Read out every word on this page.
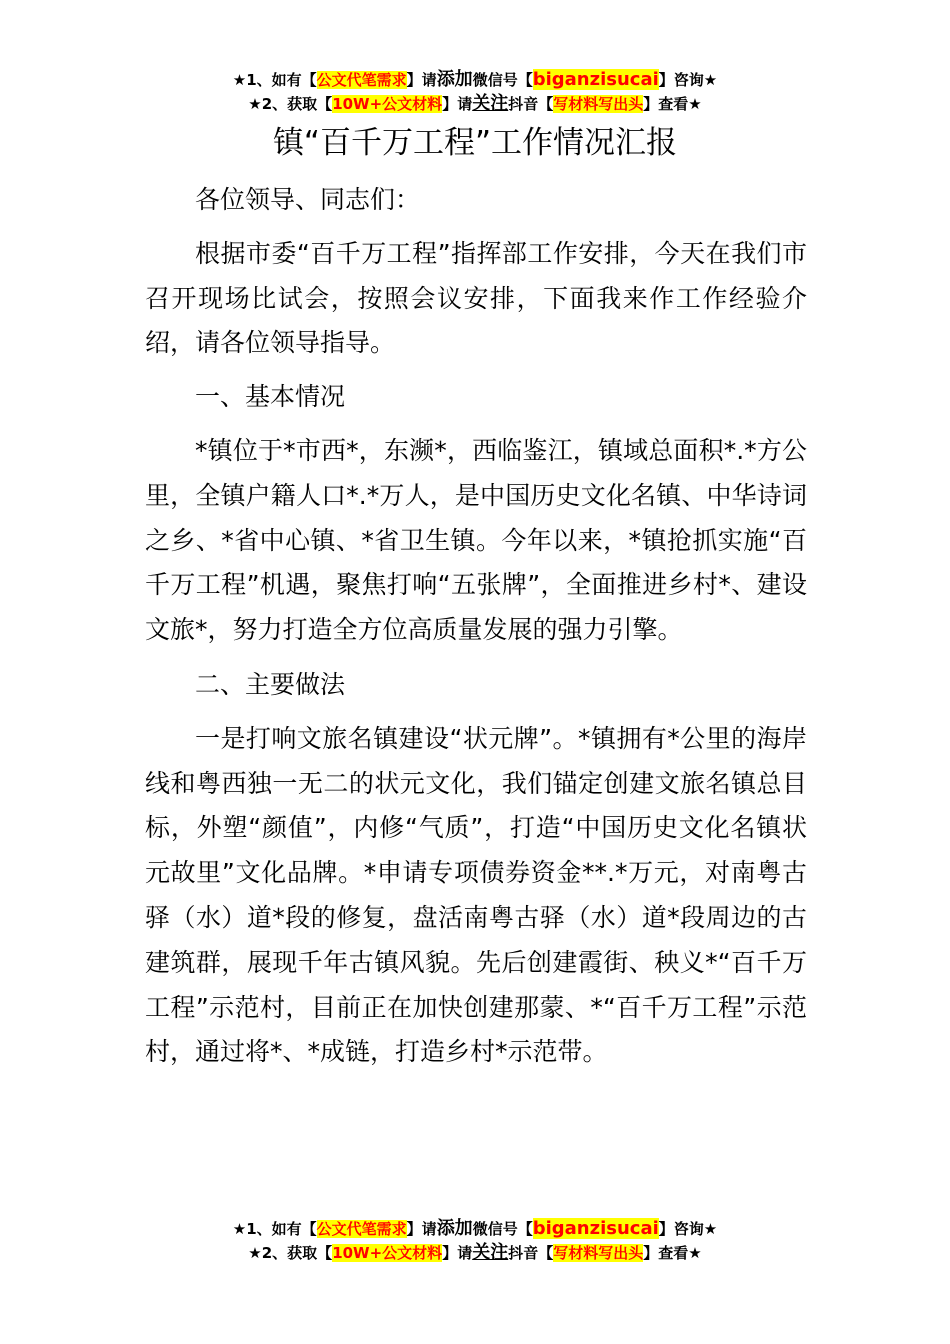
★1、如有【公文代笔需求】请添加微信号【biganzisucai】咨询★
★2、获取【10W+公文材料】请关注抖音【写材料写出头】查看★
镇“百千万工程”工作情况汇报

各位领导、同志们：

根据市委“百千万工程”指挥部工作安排，今天在我们市召开现场比试会，按照会议安排，下面我来作工作经验介绍，请各位领导指导。

一、基本情况

*镇位于*市西*，东濒*，西临鉴江，镇域总面积*.*方公里，全镇户籍人口*.*万人，是中国历史文化名镇、中华诗词之乡、*省中心镇、*省卫生镇。今年以来，*镇抢抓实施“百千万工程”机遇，聚焦打响“五张牌”，全面推进乡村*、建设文旅*，努力打造全方位高质量发展的强力引擎。

二、主要做法

一是打响文旅名镇建设“状元牌”。*镇拥有*公里的海岸线和粤西独一无二的状元文化，我们锚定创建文旅名镇总目标，外塑“颜值”，内修“气质”，打造“中国历史文化名镇状元故里”文化品牌。*申请专项债券资金**.*万元，对南粤古驿（水）道*段的修复，盘活南粤古驿（水）道*段周边的古建筑群，展现千年古镇风貌。先后创建霞街、秧义*“百千万工程”示范村，目前正在加快创建那蒙、*“百千万工程”示范村，通过将*、*成链，打造乡村*示范带。

★1、如有【公文代笔需求】请添加微信号【biganzisucai】咨询★
★2、获取【10W+公文材料】请关注抖音【写材料写出头】查看★
